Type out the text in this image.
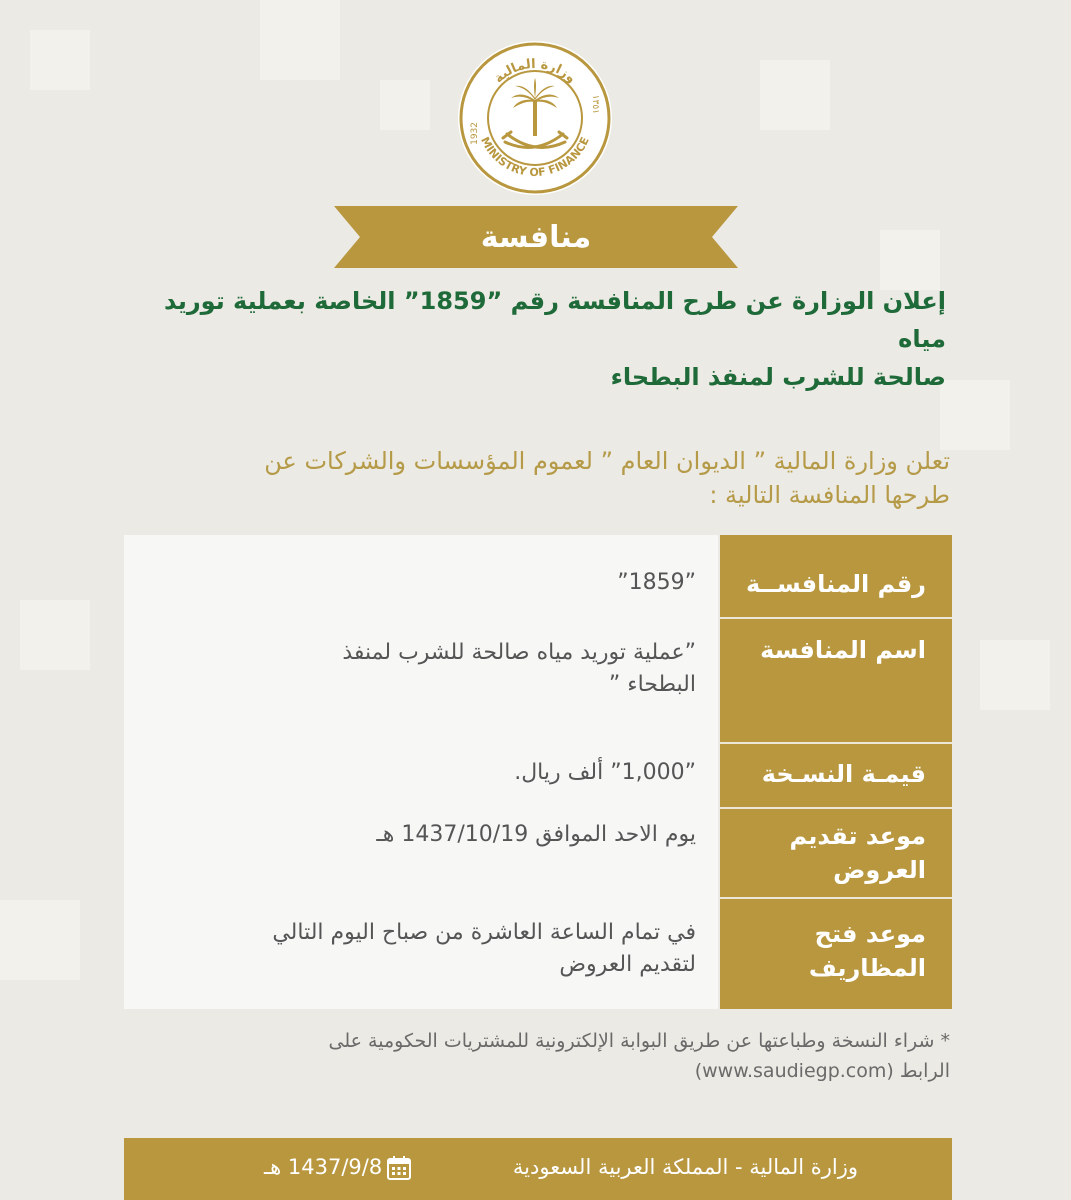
وزارة المالية
MINISTRY OF FINANCE
1932
١٣٥١
منافسة
إعلان الوزارة عن طرح المنافسة رقم ”1859” الخاصة بعملية توريد مياه
صالحة للشرب لمنفذ البطحاء
تعلن وزارة المالية ” الديوان العام ” لعموم المؤسسات والشركات عن
طرحها المنافسة التالية :
رقم المنافســة
”1859”
اسم المنافسة
”عملية توريد مياه صالحة للشرب لمنفذ
البطحاء ”
قيمـة النسـخة
”1,000” ألف ريال.
موعد تقديم
العروض
يوم الاحد الموافق 1437/10/19 هـ
موعد فتح
المظاريف
في تمام الساعة العاشرة من صباح اليوم التالي
لتقديم العروض
* شراء النسخة وطباعتها عن طريق البوابة الإلكترونية للمشتريات الحكومية على
الرابط (www.saudiegp.com)
وزارة المالية - المملكة العربية السعودية
1437/9/8 هـ
